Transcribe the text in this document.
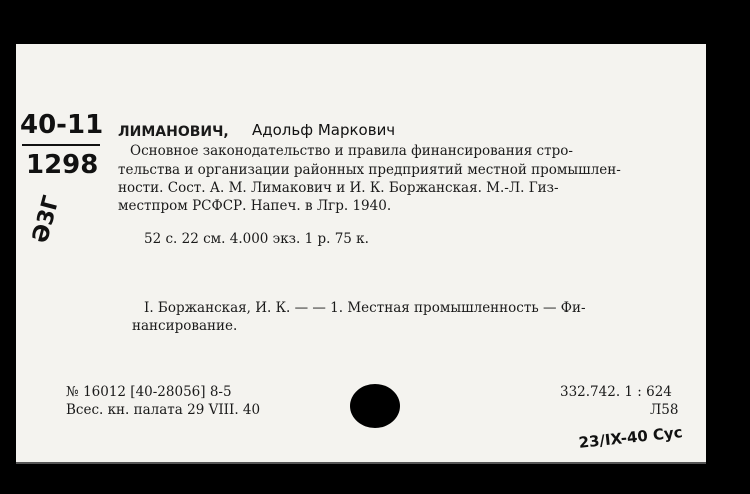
40-11
1298
Ә3Г
ЛИМАНОВИЧ, Адольф Маркович
Основное законодательство и правила финансирования стро-
тельства и организации районных предприятий местной промышлен-
ности. Сост. А. М. Лимакович и И. К. Боржанская. М.-Л. Гиз-
местпром РСФСР. Напеч. в Лгр. 1940.
52 с. 22 см. 4.000 экз. 1 р. 75 к.
I. Боржанская, И. К. — — 1. Местная промышленность — Фи-
нансирование.
№ 16012 [40-28056] 8-5
Всес. кн. палата 29 VIII. 40
332.742. 1 : 624
Л58
23/IX-40 Сус
